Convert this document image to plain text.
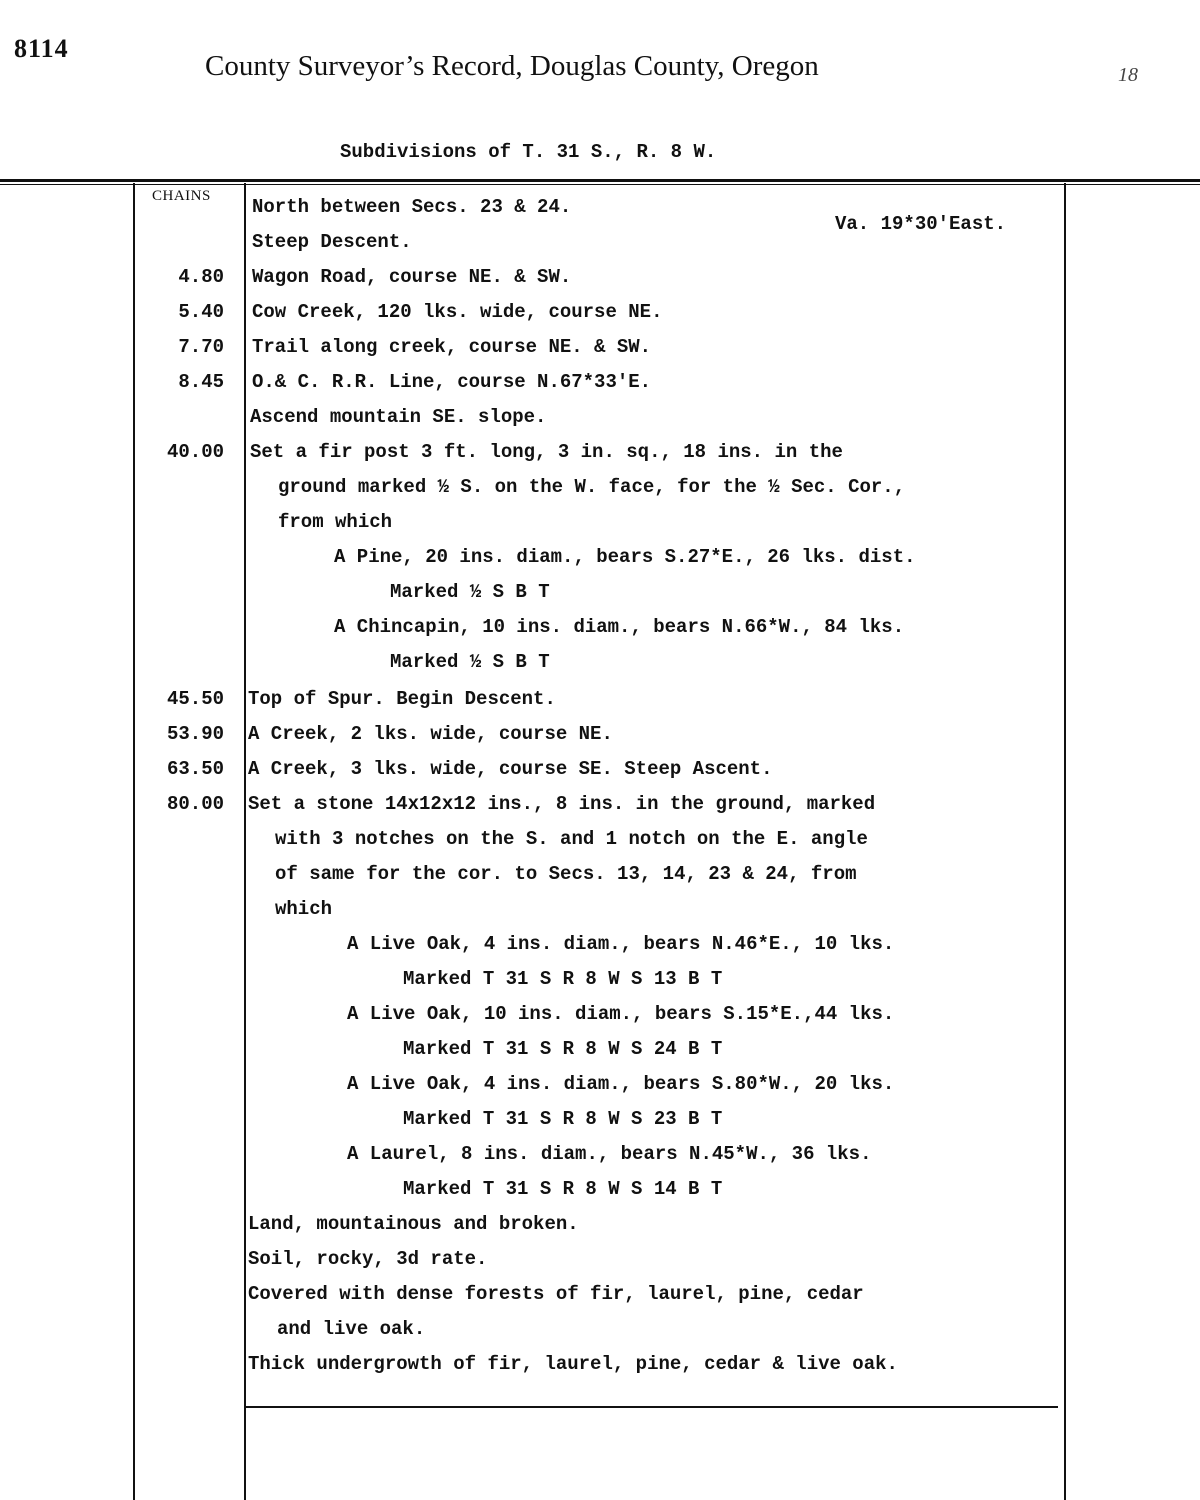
8114
County Surveyor’s Record, Douglas County, Oregon	18
Subdivisions of T. 31 S., R. 8 W.
CHAINS
Va. 19*30'East.
North between Secs. 23 & 24.
Steep Descent.
4.80 Wagon Road, course NE. & SW.
5.40 Cow Creek, 120 lks. wide, course NE.
7.70 Trail along creek, course NE. & SW.
8.45 O.& C. R.R. Line, course N.67*33'E.
Ascend mountain SE. slope.
40.00 Set a fir post 3 ft. long, 3 in. sq., 18 ins. in the
ground marked ½ S. on the W. face, for the ½ Sec. Cor.,
from which
A Pine, 20 ins. diam., bears S.27*E., 26 lks. dist.
Marked ½ S B T
A Chincapin, 10 ins. diam., bears N.66*W., 84 lks.
Marked ½ S B T
45.50 Top of Spur. Begin Descent.
53.90 A Creek, 2 lks. wide, course NE.
63.50 A Creek, 3 lks. wide, course SE. Steep Ascent.
80.00 Set a stone 14x12x12 ins., 8 ins. in the ground, marked
with 3 notches on the S. and 1 notch on the E. angle
of same for the cor. to Secs. 13, 14, 23 & 24, from
which
A Live Oak, 4 ins. diam., bears N.46*E., 10 lks.
Marked T 31 S R 8 W S 13 B T
A Live Oak, 10 ins. diam., bears S.15*E.,44 lks.
Marked T 31 S R 8 W S 24 B T
A Live Oak, 4 ins. diam., bears S.80*W., 20 lks.
Marked T 31 S R 8 W S 23 B T
A Laurel, 8 ins. diam., bears N.45*W., 36 lks.
Marked T 31 S R 8 W S 14 B T
Land, mountainous and broken.
Soil, rocky, 3d rate.
Covered with dense forests of fir, laurel, pine, cedar
and live oak.
Thick undergrowth of fir, laurel, pine, cedar & live oak.
